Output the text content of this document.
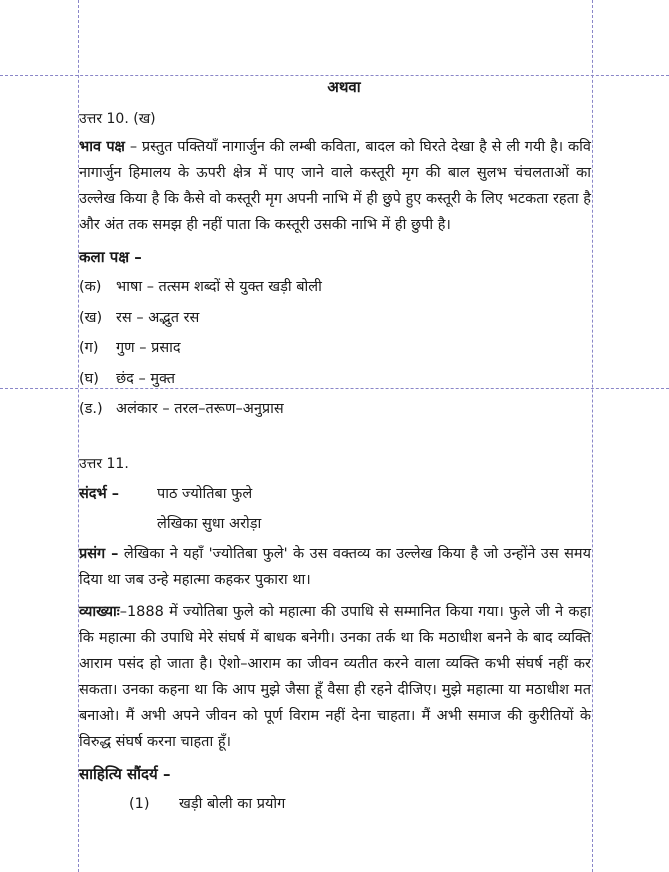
अथवा
उत्तर 10. (ख)
भाव पक्ष – प्रस्तुत पक्तियाँ नागार्जुन की लम्बी कविता, बादल को घिरते देखा है से ली गयी है। कवि नागार्जुन हिमालय के ऊपरी क्षेत्र में पाए जाने वाले कस्तूरी मृग की बाल सुलभ चंचलताओं का उल्लेख किया है कि कैसे वो कस्तूरी मृग अपनी नाभि में ही छुपे हुए कस्तूरी के लिए भटकता रहता है और अंत तक समझ ही नहीं पाता कि कस्तूरी उसकी नाभि में ही छुपी है।
कला पक्ष –
(क)	भाषा – तत्सम शब्दों से युक्त खड़ी बोली
(ख) रस – अद्भुत रस
(ग)	गुण – प्रसाद
(घ)	छंद – मुक्त
(ड.) अलंकार – तरल–तरूण–अनुप्रास
उत्तर 11.
संदर्भ –	पाठ ज्योतिबा फुले
लेखिका सुधा अरोड़ा
प्रसंग – लेखिका ने यहाँ 'ज्योतिबा फुले' के उस वक्तव्य का उल्लेख किया है जो उन्होंने उस समय दिया था जब उन्हे महात्मा कहकर पुकारा था।
व्याख्याः–1888 में ज्योतिबा फुले को महात्मा की उपाधि से सम्मानित किया गया। फुले जी ने कहा कि महात्मा की उपाधि मेरे संघर्ष में बाधक बनेगी। उनका तर्क था कि मठाधीश बनने के बाद व्यक्ति आराम पसंद हो जाता है। ऐशो–आराम का जीवन व्यतीत करने वाला व्यक्ति कभी संघर्ष नहीं कर सकता। उनका कहना था कि आप मुझे जैसा हूँ वैसा ही रहने दीजिए। मुझे महात्मा या मठाधीश मत बनाओ। मैं अभी अपने जीवन को पूर्ण विराम नहीं देना चाहता। मैं अभी समाज की कुरीतियों के विरुद्ध संघर्ष करना चाहता हूँ।
साहित्यि सौंदर्य –
(1)	खड़ी बोली का प्रयोग
